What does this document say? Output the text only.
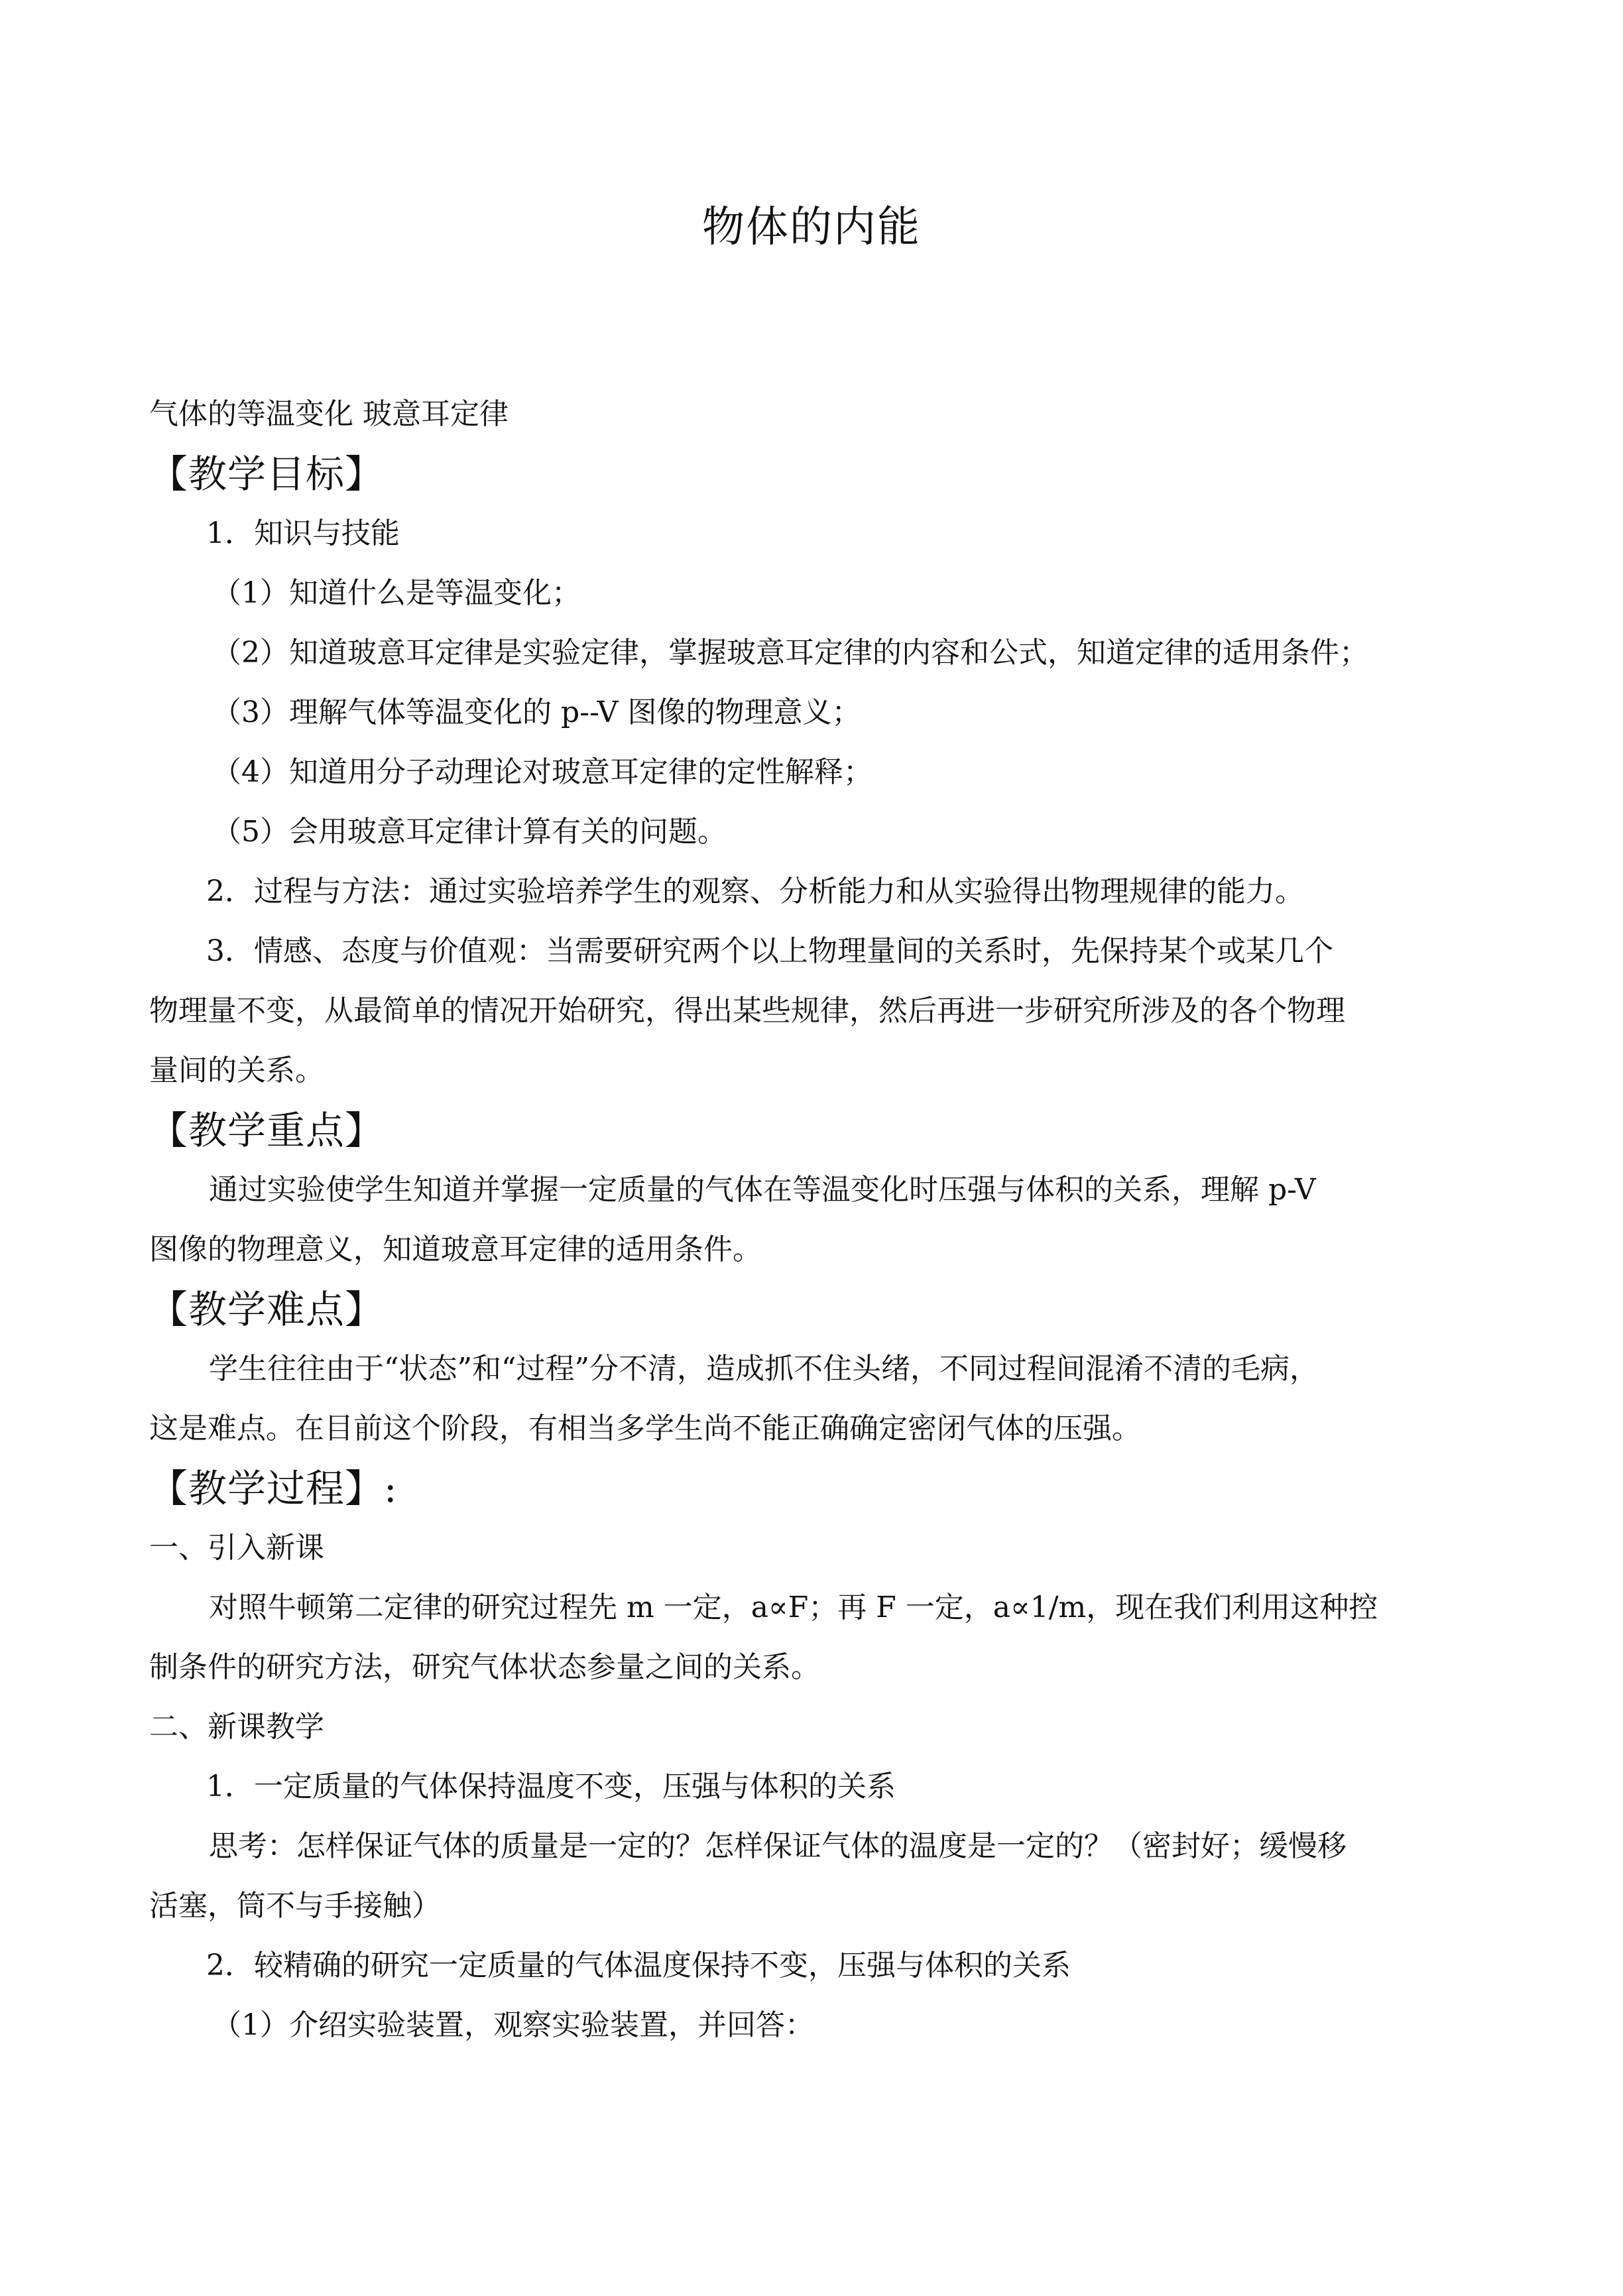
物体的内能
气体的等温变化 玻意耳定律
【教学目标】
1．知识与技能
（1）知道什么是等温变化；
（2）知道玻意耳定律是实验定律，掌握玻意耳定律的内容和公式，知道定律的适用条件；
（3）理解气体等温变化的 p--V 图像的物理意义；
（4）知道用分子动理论对玻意耳定律的定性解释；
（5）会用玻意耳定律计算有关的问题。
2．过程与方法：通过实验培养学生的观察、分析能力和从实验得出物理规律的能力。
3．情感、态度与价值观：当需要研究两个以上物理量间的关系时，先保持某个或某几个
物理量不变，从最简单的情况开始研究，得出某些规律，然后再进一步研究所涉及的各个物理
量间的关系。
【教学重点】
通过实验使学生知道并掌握一定质量的气体在等温变化时压强与体积的关系，理解 p-V
图像的物理意义，知道玻意耳定律的适用条件。
【教学难点】
学生往往由于“状态”和“过程”分不清，造成抓不住头绪，不同过程间混淆不清的毛病，
这是难点。在目前这个阶段，有相当多学生尚不能正确确定密闭气体的压强。
【教学过程】:
一、引入新课
对照牛顿第二定律的研究过程先 m 一定，a∝F；再 F 一定，a∝1/m，现在我们利用这种控
制条件的研究方法，研究气体状态参量之间的关系。
二、新课教学
1．一定质量的气体保持温度不变，压强与体积的关系
思考：怎样保证气体的质量是一定的？怎样保证气体的温度是一定的？（密封好；缓慢移
活塞，筒不与手接触）
2．较精确的研究一定质量的气体温度保持不变，压强与体积的关系
（1）介绍实验装置，观察实验装置，并回答：
